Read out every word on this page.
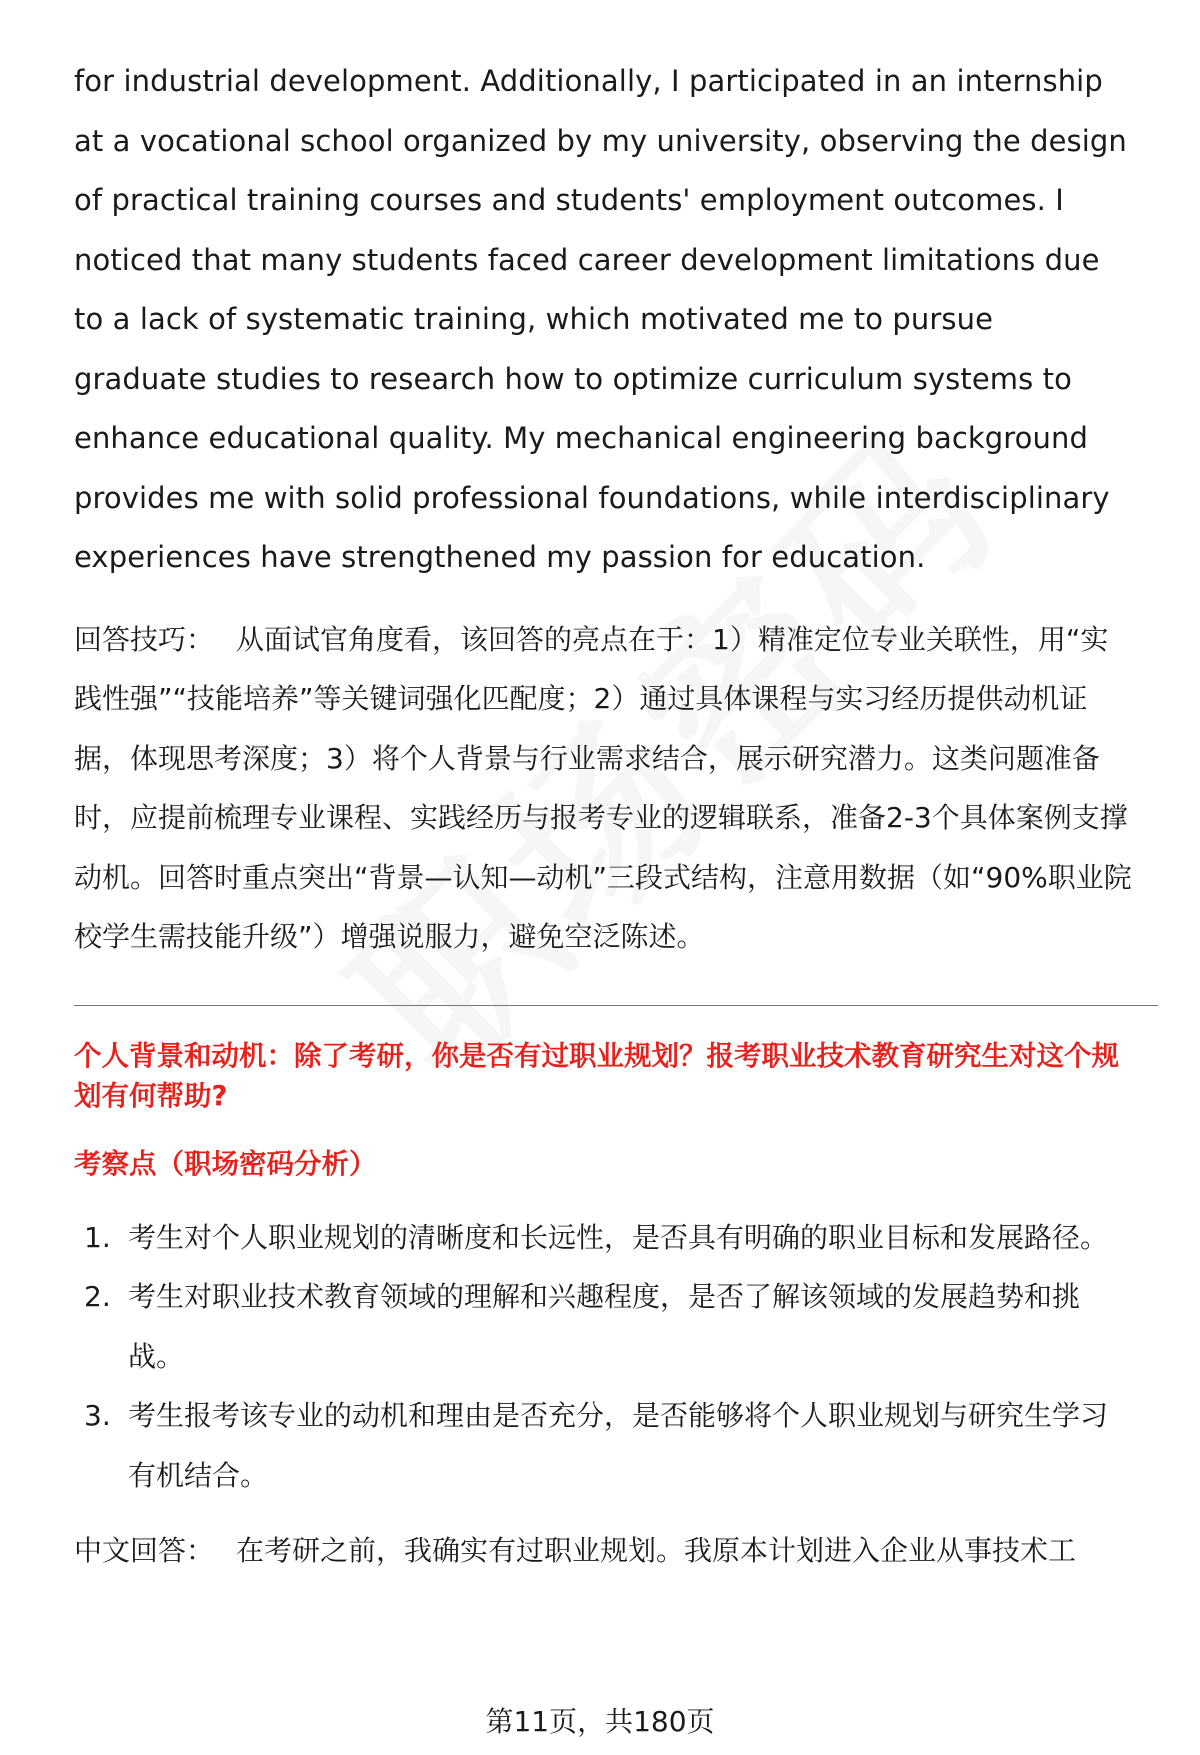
for industrial development. Additionally, I participated in an internship at a vocational school organized by my university, observing the design of practical training courses and students' employment outcomes. I noticed that many students faced career development limitations due to a lack of systematic training, which motivated me to pursue graduate studies to research how to optimize curriculum systems to enhance educational quality. My mechanical engineering background provides me with solid professional foundations, while interdisciplinary experiences have strengthened my passion for education.

回答技巧： 从面试官角度看，该回答的亮点在于：1）精准定位专业关联性，用“实践性强”“技能培养”等关键词强化匹配度；2）通过具体课程与实习经历提供动机证据，体现思考深度；3）将个人背景与行业需求结合，展示研究潜力。这类问题准备时，应提前梳理专业课程、实践经历与报考专业的逻辑联系，准备2-3个具体案例支撑动机。回答时重点突出“背景—认知—动机”三段式结构，注意用数据（如“90%职业院校学生需技能升级”）增强说服力，避免空泛陈述。

个人背景和动机：除了考研，你是否有过职业规划？报考职业技术教育研究生对这个规划有何帮助?

考察点（职场密码分析）

1. 考生对个人职业规划的清晰度和长远性，是否具有明确的职业目标和发展路径。
2. 考生对职业技术教育领域的理解和兴趣程度，是否了解该领域的发展趋势和挑战。
3. 考生报考该专业的动机和理由是否充分，是否能够将个人职业规划与研究生学习有机结合。

中文回答： 在考研之前，我确实有过职业规划。我原本计划进入企业从事技术工

第11页，共180页
